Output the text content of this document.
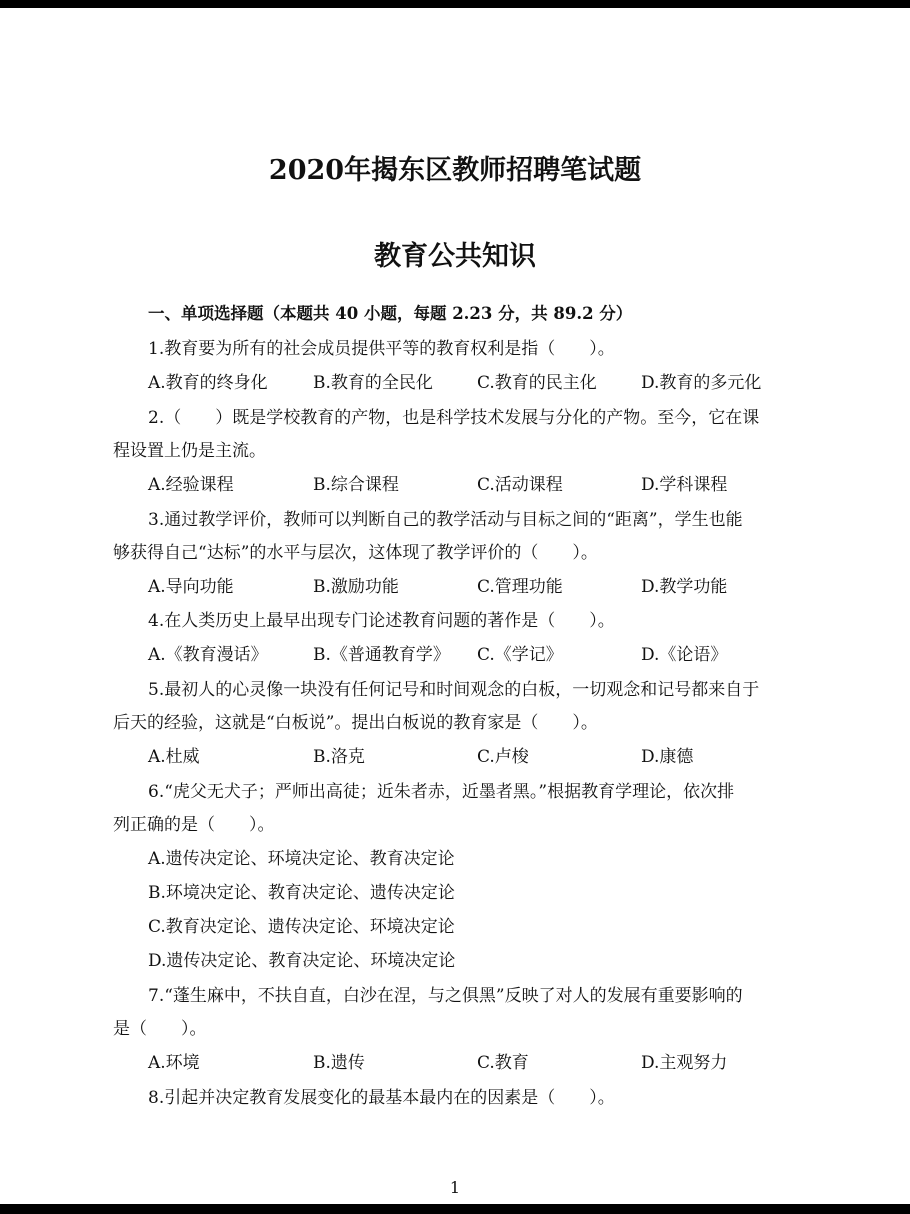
2020年揭东区教师招聘笔试题
教育公共知识
一、单项选择题（本题共 40 小题，每题 2.23 分，共 89.2 分）
1.教育要为所有的社会成员提供平等的教育权利是指（　　）。
A.教育的终身化	B.教育的全民化	C.教育的民主化	D.教育的多元化
2.（　　）既是学校教育的产物，也是科学技术发展与分化的产物。至今，它在课
程设置上仍是主流。
A.经验课程	B.综合课程	C.活动课程	D.学科课程
3.通过教学评价，教师可以判断自己的教学活动与目标之间的“距离”，学生也能
够获得自己“达标”的水平与层次，这体现了教学评价的（　　）。
A.导向功能	B.激励功能	C.管理功能	D.教学功能
4.在人类历史上最早出现专门论述教育问题的著作是（　　）。
A.《教育漫话》	B.《普通教育学》 C.《学记》	D.《论语》
5.最初人的心灵像一块没有任何记号和时间观念的白板，一切观念和记号都来自于
后天的经验，这就是“白板说”。提出白板说的教育家是（　　）。
A.杜威	B.洛克	C.卢梭	D.康德
6.“虎父无犬子；严师出高徒；近朱者赤，近墨者黑。”根据教育学理论，依次排
列正确的是（　　）。
A.遗传决定论、环境决定论、教育决定论
B.环境决定论、教育决定论、遗传决定论
C.教育决定论、遗传决定论、环境决定论
D.遗传决定论、教育决定论、环境决定论
7.“蓬生麻中，不扶自直，白沙在涅，与之俱黑”反映了对人的发展有重要影响的
是（　　）。
A.环境	B.遗传	C.教育	D.主观努力
8.引起并决定教育发展变化的最基本最内在的因素是（　　）。
1
